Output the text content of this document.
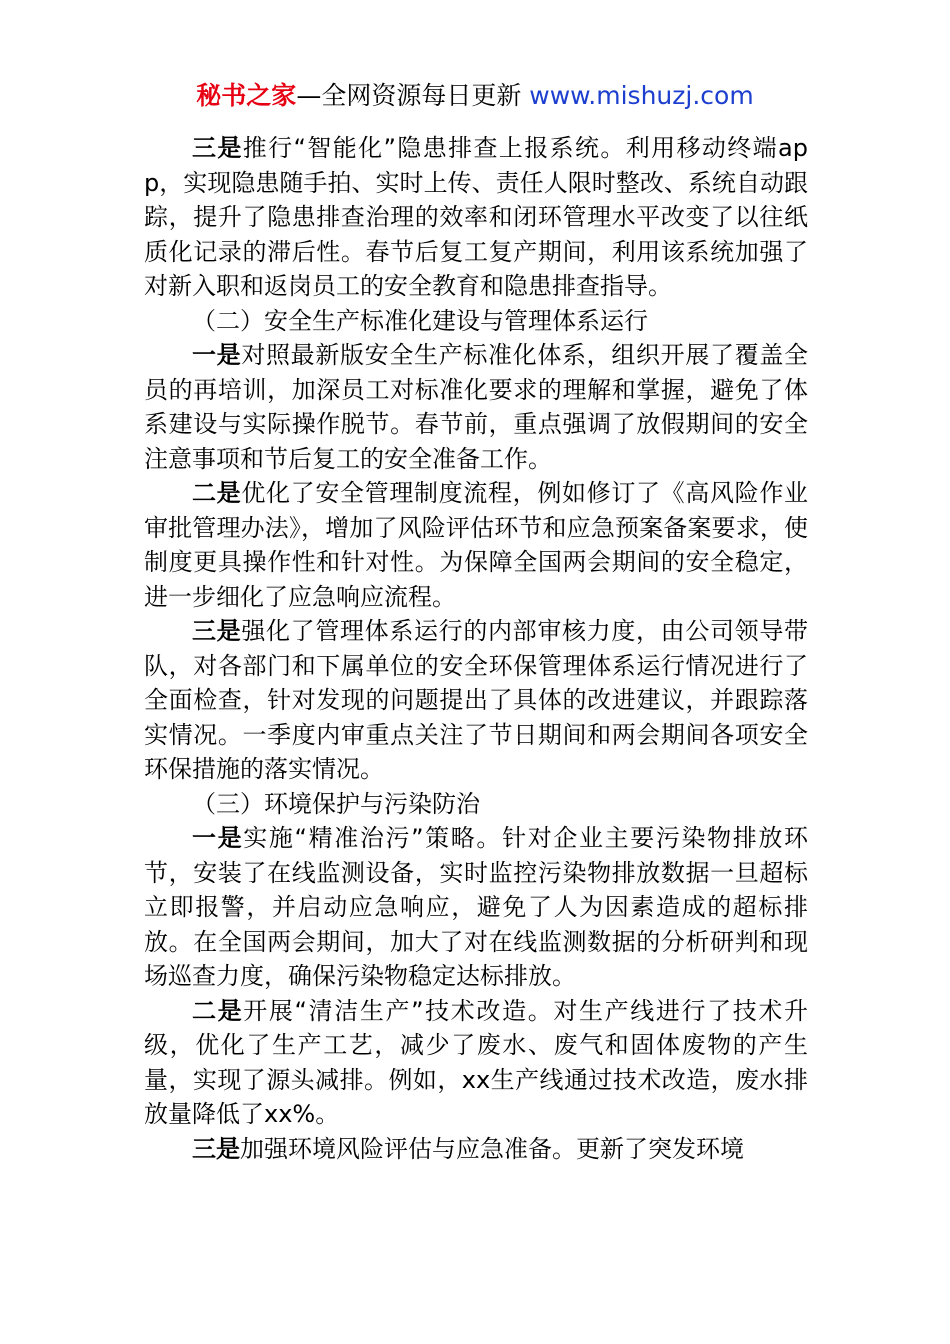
秘书之家—全网资源每日更新 www.mishuzj.com

三是推行“智能化”隐患排查上报系统。利用移动终端app，实现隐患随手拍、实时上传、责任人限时整改、系统自动跟踪，提升了隐患排查治理的效率和闭环管理水平改变了以往纸质化记录的滞后性。春节后复工复产期间，利用该系统加强了对新入职和返岗员工的安全教育和隐患排查指导。

（二）安全生产标准化建设与管理体系运行

一是对照最新版安全生产标准化体系，组织开展了覆盖全员的再培训，加深员工对标准化要求的理解和掌握，避免了体系建设与实际操作脱节。春节前，重点强调了放假期间的安全注意事项和节后复工的安全准备工作。

二是优化了安全管理制度流程，例如修订了《高风险作业审批管理办法》，增加了风险评估环节和应急预案备案要求，使制度更具操作性和针对性。为保障全国两会期间的安全稳定，进一步细化了应急响应流程。

三是强化了管理体系运行的内部审核力度，由公司领导带队，对各部门和下属单位的安全环保管理体系运行情况进行了全面检查，针对发现的问题提出了具体的改进建议，并跟踪落实情况。一季度内审重点关注了节日期间和两会期间各项安全环保措施的落实情况。

（三）环境保护与污染防治

一是实施“精准治污”策略。针对企业主要污染物排放环节，安装了在线监测设备，实时监控污染物排放数据一旦超标立即报警，并启动应急响应，避免了人为因素造成的超标排放。在全国两会期间，加大了对在线监测数据的分析研判和现场巡查力度，确保污染物稳定达标排放。

二是开展“清洁生产”技术改造。对生产线进行了技术升级，优化了生产工艺，减少了废水、废气和固体废物的产生量，实现了源头减排。例如，xx生产线通过技术改造，废水排放量降低了xx%。

三是加强环境风险评估与应急准备。更新了突发环境
